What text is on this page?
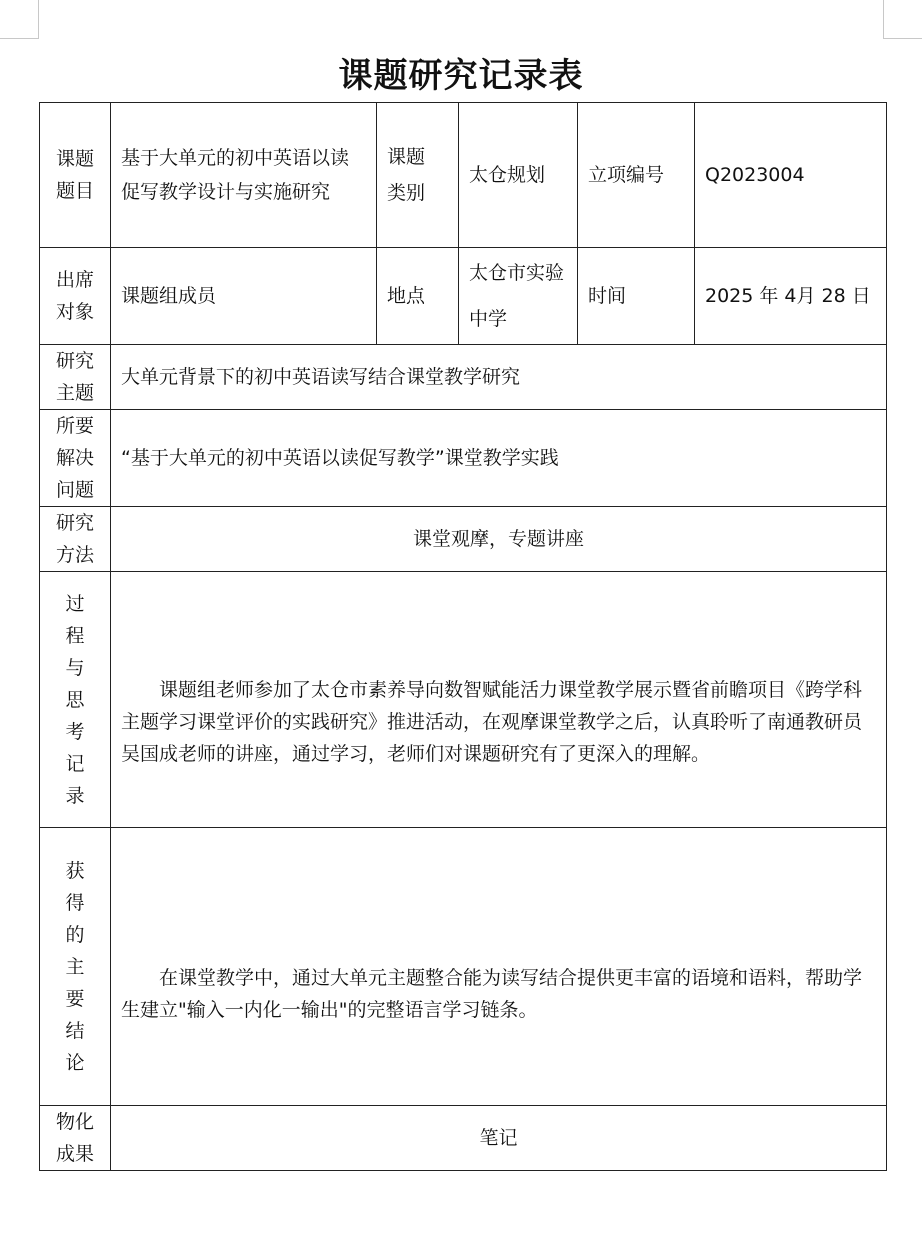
课题研究记录表
课题题目	基于大单元的初中英语以读促写教学设计与实施研究	课题类别	太仓规划	立项编号	Q2023004
出席对象	课题组成员	地点	太仓市实验中学	时间	2025 年 4月 28 日
研究主题	大单元背景下的初中英语读写结合课堂教学研究				
所要解决问题	“基于大单元的初中英语以读促写教学”课堂教学实践				
研究方法	课堂观摩，专题讲座				
过程与思考记录	课题组老师参加了太仓市素养导向数智赋能活力课堂教学展示暨省前瞻项目《跨学科主题学习课堂评价的实践研究》推进活动，在观摩课堂教学之后，认真聆听了南通教研员吴国成老师的讲座，通过学习，老师们对课题研究有了更深入的理解。				

获得的主要结论	在课堂教学中，通过大单元主题整合能为读写结合提供更丰富的语境和语料，帮助学生建立"输入一内化一输出"的完整语言学习链条。				

物化成果	笔记				
